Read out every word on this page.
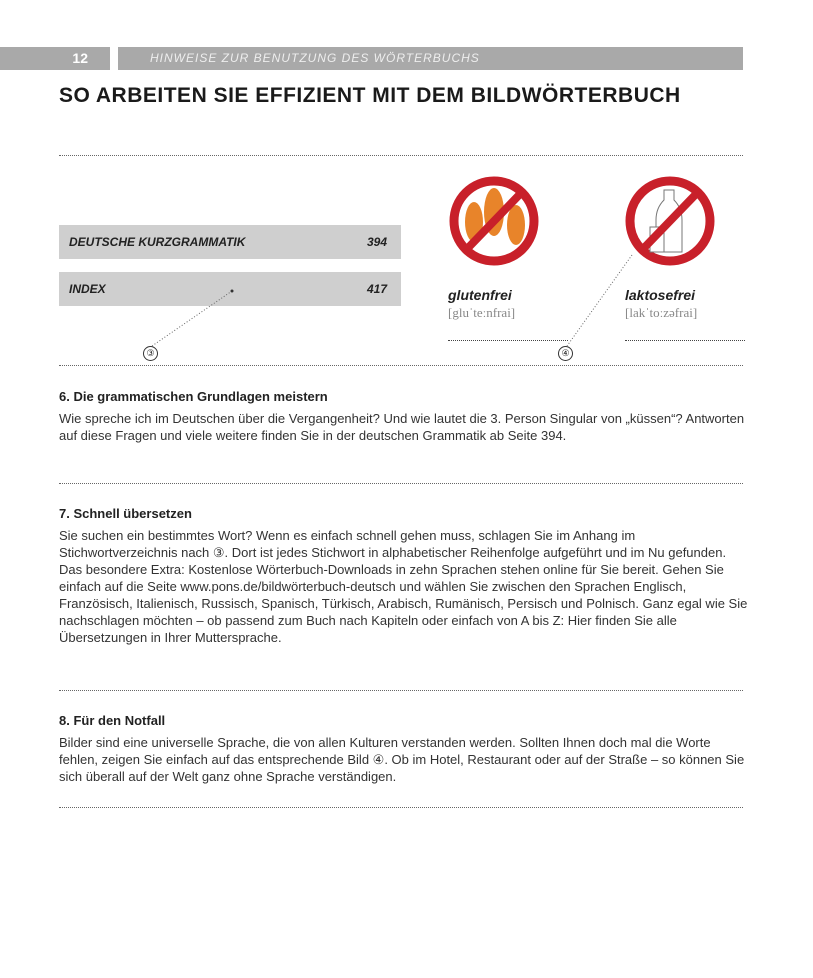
12	HINWEISE ZUR BENUTZUNG DES WÖRTERBUCHS
SO ARBEITEN SIE EFFIZIENT MIT DEM BILDWÖRTERBUCH
DEUTSCHE KURZGRAMMATIK	394
INDEX	417
③	④
glutenfrei
[gluˈteːnfrai]
laktosefrei
[lakˈtoːzəfrai]
6. Die grammatischen Grundlagen meistern

Wie spreche ich im Deutschen über die Vergangenheit? Und wie lautet die 3. Person Singular von „küssen“? Antworten auf diese Fragen und viele weitere finden Sie in der deutschen Grammatik ab Seite 394.

7. Schnell übersetzen

Sie suchen ein bestimmtes Wort? Wenn es einfach schnell gehen muss, schlagen Sie im Anhang im Stichwortverzeichnis nach ③. Dort ist jedes Stichwort in alphabetischer Reihenfolge aufgeführt und im Nu gefunden.

Das besondere Extra: Kostenlose Wörterbuch-Downloads in zehn Sprachen stehen online für Sie bereit. Gehen Sie einfach auf die Seite www.pons.de/bildwörterbuch-deutsch und wählen Sie zwischen den Sprachen Englisch, Französisch, Italienisch, Russisch, Spanisch, Türkisch, Arabisch, Rumänisch, Persisch und Polnisch. Ganz egal wie Sie nachschlagen möchten – ob passend zum Buch nach Kapiteln oder einfach von A bis Z: Hier finden Sie alle Übersetzungen in Ihrer Muttersprache.

8. Für den Notfall

Bilder sind eine universelle Sprache, die von allen Kulturen verstanden werden. Sollten Ihnen doch mal die Worte fehlen, zeigen Sie einfach auf das entsprechende Bild ④. Ob im Hotel, Restaurant oder auf der Straße – so können Sie sich überall auf der Welt ganz ohne Sprache verständigen.
